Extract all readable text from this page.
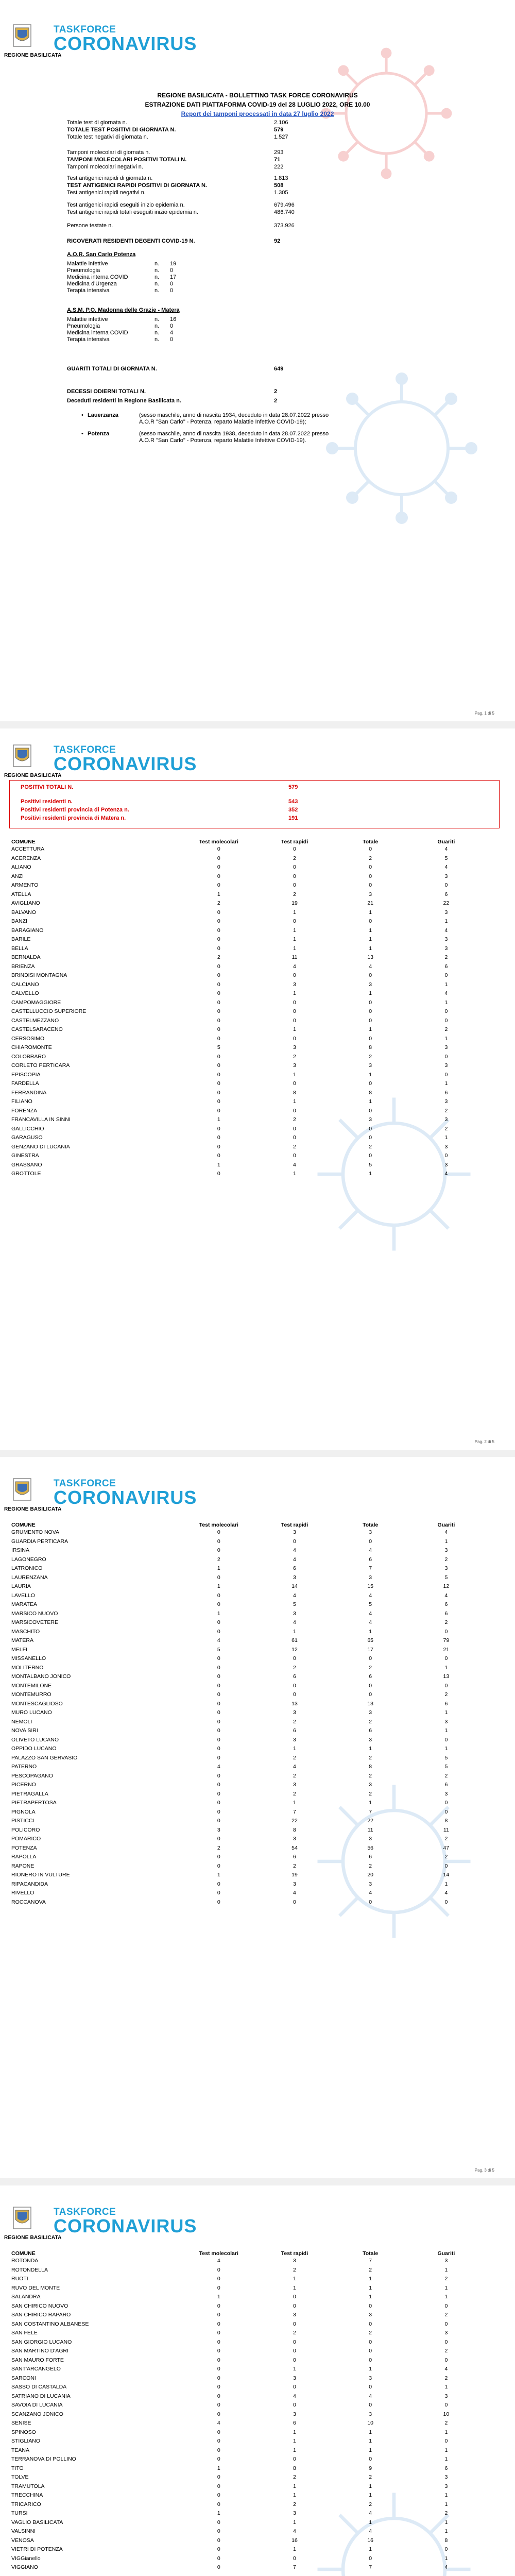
REGIONE BASILICATA
TASKFORCE
CORONAVIRUS
REGIONE BASILICATA - BOLLETTINO TASK FORCE CORONAVIRUS
ESTRAZIONE DATI PIATTAFORMA COVID-19 del 28 LUGLIO 2022, ORE 10.00
Report dei tamponi processati in data 27 luglio 2022
Totale test di giornata n.	2.106
TOTALE TEST POSITIVI DI GIORNATA N.	579
Totale test negativi di giornata n.	1.527
Tamponi molecolari di giornata n.	293
TAMPONI MOLECOLARI POSITIVI TOTALI N.	71
Tamponi molecolari negativi n.	222
Test antigenici rapidi di giornata n.	1.813
TEST ANTIGENICI RAPIDI POSITIVI DI GIORNATA N.	508
Test antigenici rapidi negativi n.	1.305
Test antigenici rapidi eseguiti inizio epidemia n.	679.496
Test antigenici rapidi totali eseguiti inizio epidemia n.	486.740
Persone testate n.	373.926
RICOVERATI RESIDENTI DEGENTI COVID-19 N.	92
A.O.R. San Carlo Potenza
Malattie infettive	n. 19
Pneumologia	n. 0
Medicina interna COVID	n. 17
Medicina d'Urgenza	n. 0
Terapia intensiva	n. 0
A.S.M. P.O. Madonna delle Grazie - Matera
Malattie infettive	n. 16
Pneumologia	n. 0
Medicina interna COVID	n. 4
Terapia intensiva	n. 0
GUARITI TOTALI DI GIORNATA N.	649
DECESSI ODIERNI TOTALI N.	2
Deceduti residenti in Regione Basilicata n.	2
• Lauerzanza	(sesso maschile, anno di nascita 1934, deceduto in data 28.07.2022 presso A.O.R "San Carlo" - Potenza, reparto Malattie Infettive COVID-19);
• Potenza	(sesso maschile, anno di nascita 1938, deceduto in data 28.07.2022 presso A.O.R "San Carlo" - Potenza, reparto Malattie Infettive COVID-19).
Pag. 1 di 5
REGIONE BASILICATA
TASKFORCE
CORONAVIRUS
POSITIVI TOTALI N.	579
Positivi residenti n.	543
Positivi residenti provincia di Potenza n.	352
Positivi residenti provincia di Matera n.	191
COMUNE	Test molecolari	Test rapidi	Totale	Guariti
ACCETTURA	0	0	0	4
ACERENZA	0	2	2	5
ALIANO	0	0	0	4
ANZI	0	0	0	3
ARMENTO	0	0	0	0
ATELLA	1	2	3	6
AVIGLIANO	2	19	21	22
BALVANO	0	1	1	3
BANZI	0	0	0	1
BARAGIANO	0	1	1	4
BARILE	0	1	1	3
BELLA	0	1	1	3
BERNALDA	2	11	13	2
BRIENZA	0	4	4	6
BRINDISI MONTAGNA	0	0	0	0
CALCIANO	0	3	3	1
CALVELLO	0	1	1	4
CAMPOMAGGIORE	0	0	0	1
CASTELLUCCIO SUPERIORE	0	0	0	0
CASTELMEZZANO	0	0	0	0
CASTELSARACENO	0	1	1	2
CERSOSIMO	0	0	0	1
CHIAROMONTE	5	3	8	3
COLOBRARO	0	2	2	0
CORLETO PERTICARA	0	3	3	3
EPISCOPIA	0	1	1	0
FARDELLA	0	0	0	1
FERRANDINA	0	8	8	6
FILIANO	0	1	1	3
FORENZA	0	0	0	2
FRANCAVILLA IN SINNI	1	2	3	3
GALLICCHIO	0	0	0	2
GARAGUSO	0	0	0	1
GENZANO DI LUCANIA	0	2	2	3
GINESTRA	0	0	0	0
GRASSANO	1	4	5	3
GROTTOLE	0	1	1	4
Pag. 2 di 5
REGIONE BASILICATA
TASKFORCE
CORONAVIRUS
COMUNE	Test molecolari	Test rapidi	Totale	Guariti
GRUMENTO NOVA	0	3	3	4
GUARDIA PERTICARA	0	0	0	1
IRSINA	0	4	4	3
LAGONEGRO	2	4	6	2
LATRONICO	1	6	7	3
LAURENZANA	0	3	3	5
LAURIA	1	14	15	12
LAVELLO	0	4	4	4
MARATEA	0	5	5	6
MARSICO NUOVO	1	3	4	6
MARSICOVETERE	0	4	4	2
MASCHITO	0	1	1	0
MATERA	4	61	65	79
MELFI	5	12	17	21
MISSANELLO	0	0	0	0
MOLITERNO	0	2	2	1
MONTALBANO JONICO	0	6	6	13
MONTEMILONE	0	0	0	0
MONTEMURRO	0	0	0	2
MONTESCAGLIOSO	0	13	13	6
MURO LUCANO	0	3	3	1
NEMOLI	0	2	2	3
NOVA SIRI	0	6	6	1
OLIVETO LUCANO	0	3	3	0
OPPIDO LUCANO	0	1	1	1
PALAZZO SAN GERVASIO	0	2	2	5
PATERNO	4	4	8	5
PESCOPAGANO	0	2	2	2
PICERNO	0	3	3	6
PIETRAGALLA	0	2	2	3
PIETRAPERTOSA	0	1	1	0
PIGNOLA	0	7	7	0
PISTICCI	0	22	22	8
POLICORO	3	8	11	11
POMARICO	0	3	3	2
POTENZA	2	54	56	47
RAPOLLA	0	6	6	2
RAPONE	0	2	2	0
RIONERO IN VULTURE	1	19	20	14
RIPACANDIDA	0	3	3	1
RIVELLO	0	4	4	4
ROCCANOVA	0	0	0	0
Pag. 3 di 5
REGIONE BASILICATA
TASKFORCE
CORONAVIRUS
COMUNE	Test molecolari	Test rapidi	Totale	Guariti
ROTONDA	4	3	7	3
ROTONDELLA	0	2	2	1
RUOTI	0	1	1	2
RUVO DEL MONTE	0	1	1	1
SALANDRA	1	0	1	1
SAN CHIRICO NUOVO	0	0	0	0
SAN CHIRICO RAPARO	0	3	3	2
SAN COSTANTINO ALBANESE	0	0	0	0
SAN FELE	0	2	2	3
SAN GIORGIO LUCANO	0	0	0	0
SAN MARTINO D'AGRI	0	0	0	2
SAN MAURO FORTE	0	0	0	0
SANT'ARCANGELO	0	1	1	4
SARCONI	0	3	3	2
SASSO DI CASTALDA	0	0	0	1
SATRIANO DI LUCANIA	0	4	4	3
SAVOIA DI LUCANIA	0	0	0	0
SCANZANO JONICO	0	3	3	10
SENISE	4	6	10	2
SPINOSO	0	1	1	1
STIGLIANO	0	1	1	0
TEANA	0	1	1	1
TERRANOVA DI POLLINO	0	0	0	1
TITO	1	8	9	6
TOLVE	0	2	2	3
TRAMUTOLA	0	1	1	3
TRECCHINA	0	1	1	1
TRICARICO	0	2	2	1
TURSI	1	3	4	2
VAGLIO BASILICATA	0	1	1	1
VALSINNI	0	4	4	1
VENOSA	0	16	16	8
VIETRI DI POTENZA	0	1	1	0
VIGGianello	0	0	0	1
VIGGIANO	0	7	7	4
